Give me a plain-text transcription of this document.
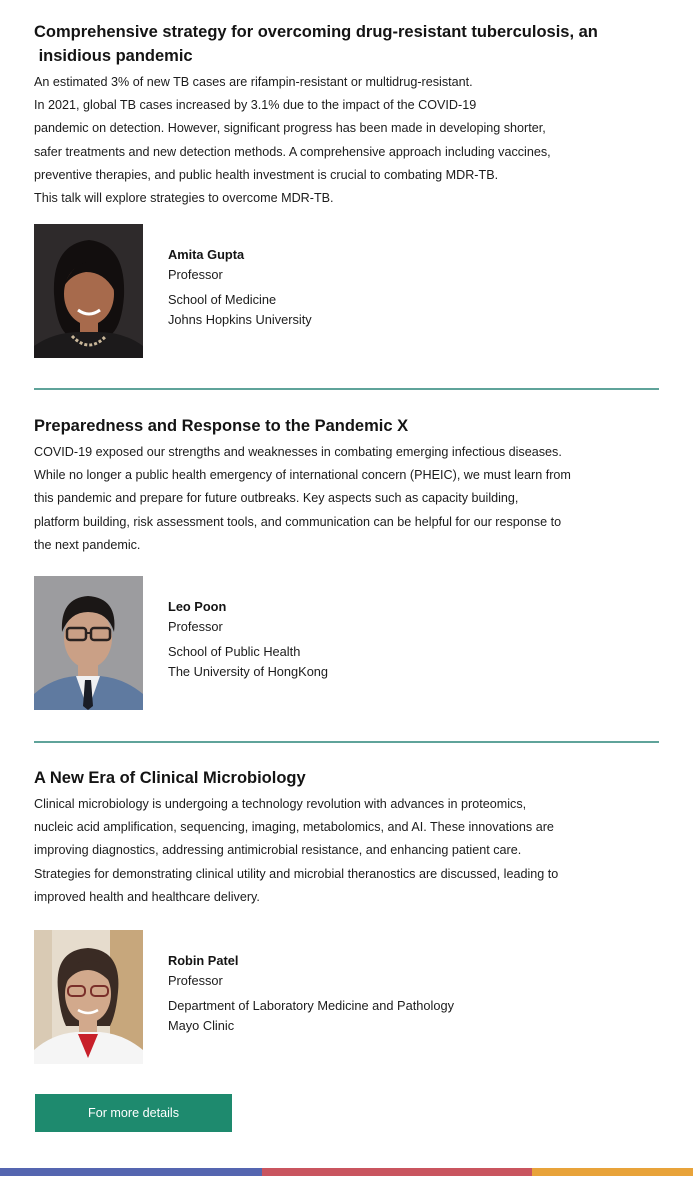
Comprehensive strategy for overcoming drug-resistant tuberculosis, an
insidious pandemic
An estimated 3% of new TB cases are rifampin-resistant or multidrug-resistant.
In 2021, global TB cases increased by 3.1% due to the impact of the COVID-19
pandemic on detection. However, significant progress has been made in developing shorter,
safer treatments and new detection methods. A comprehensive approach including vaccines,
preventive therapies, and public health investment is crucial to combating MDR-TB.
This talk will explore strategies to overcome MDR-TB.
Amita Gupta
Professor
School of Medicine
Johns Hopkins University
Preparedness and Response to the Pandemic X
COVID-19 exposed our strengths and weaknesses in combating emerging infectious diseases.
While no longer a public health emergency of international concern (PHEIC), we must learn from
this pandemic and prepare for future outbreaks. Key aspects such as capacity building,
platform building, risk assessment tools, and communication can be helpful for our response to
the next pandemic.
Leo Poon
Professor
School of Public Health
The University of HongKong
A New Era of Clinical Microbiology
Clinical microbiology is undergoing a technology revolution with advances in proteomics,
nucleic acid amplification, sequencing, imaging, metabolomics, and AI. These innovations are
improving diagnostics, addressing antimicrobial resistance, and enhancing patient care.
Strategies for demonstrating clinical utility and microbial theranostics are discussed, leading to
improved health and healthcare delivery.
Robin Patel
Professor
Department of Laboratory Medicine and Pathology
Mayo Clinic
For more details
